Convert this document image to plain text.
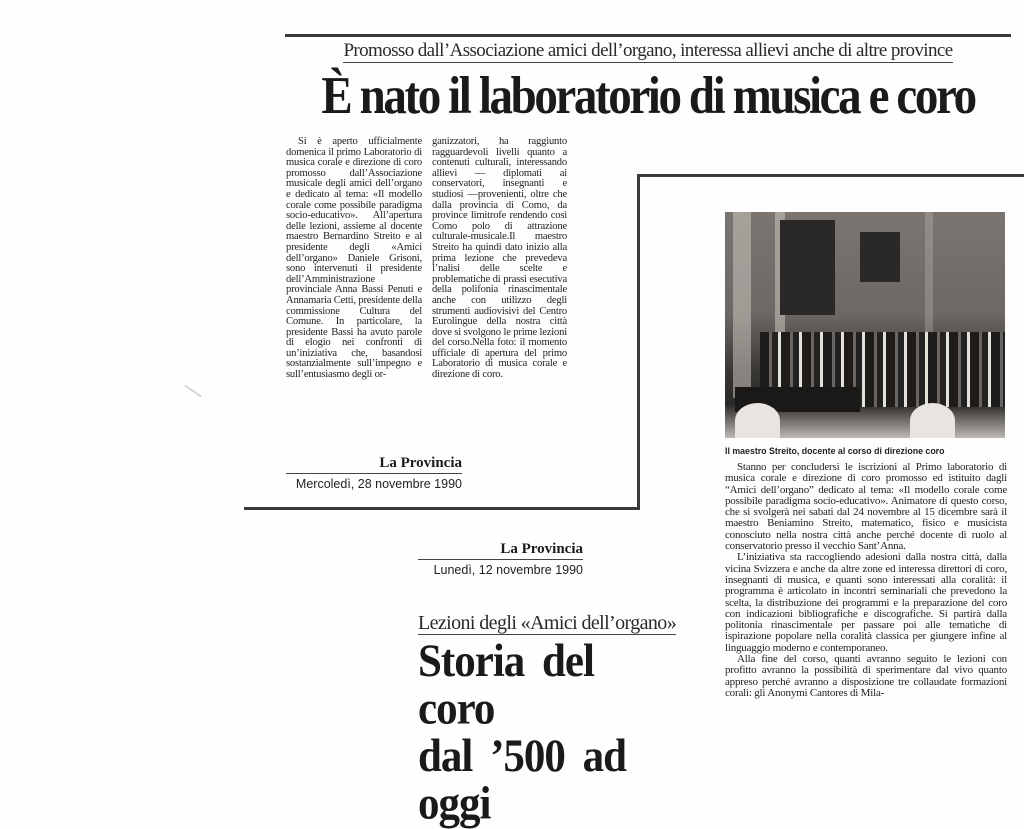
Promosso dall’Associazione amici dell’organo, interessa allievi anche di altre province
È nato il laboratorio di musica e coro

Si è aperto ufficialmente domenica il primo Laboratorio di musica corale e direzione di coro promosso dall’Associazione musicale degli amici dell’organo e dedicato al tema: «Il modello corale come possibile paradigma socio-educativo». All’apertura delle lezioni, assieme al docente maestro Bernardino Streito e al presidente degli «Amici dell’organo» Daniele Grisoni, sono intervenuti il presidente dell’Amministrazione provinciale Anna Bassi Penuti e Annamaria Cetti, presidente della commissione Cultura del Comune. In particolare, la presidente Bassi ha avuto parole di elogio nei confronti di un’iniziativa che, basandosi sostanzialmente sull’impegno e sull’entusiasmo degli or-

ganizzatori, ha raggiunto ragguardevoli livelli quanto a contenuti culturali, interessando allievi — diplomati ai conservatori, insegnanti e studiosi —provenienti, oltre che dalla provincia di Como, da province limitrofe rendendo così Como polo di attrazione culturale-musicale.Il maestro Streito ha quindi dato inizio alla prima lezione che prevedeva l’nalisi delle scelte e problematiche di prassi esecutiva della polifonia rinascimentale anche con utilizzo degli strumenti audiovisivi del Centro Eurolingue della nostra città dove si svolgono le prime lezioni del corso.Nella foto: il momento ufficiale di apertura del primo Laboratorio di musica corale e direzione di coro.

La Provincia
Mercoledì, 28 novembre 1990
Il maestro Streito, docente al corso di direzione coro

Stanno per concludersi le iscrizioni al Primo laboratorio di musica corale e direzione di coro promosso ed istituito dagli “Amici dell’organo” dedicato al tema: «Il modello corale come possibile paradigma socio-educativo». Animatore di questo corso, che si svolgerà nei sabati dal 24 novembre al 15 dicembre sarà il maestro Beniamino Streito, matematico, fisico e musicista conosciuto nella nostra città anche perché docente di ruolo al conservatorio presso il vecchio Sant’Anna.

L’iniziativa sta raccogliendo adesioni dalla nostra città, dalla vicina Svizzera e anche da altre zone ed interessa direttori di coro, insegnanti di musica, e quanti sono interessati alla coralità: il programma è articolato in incontri seminariali che prevedono la scelta, la distribuzione dei programmi e la preparazione del coro con indicazioni bibliografiche e discografiche. Si partirà dalla politonia rinascimentale per passare poi alle tematiche di ispirazione popolare nella coralità classica per giungere infine al linguaggio moderno e contemporaneo.

Alla fine del corso, quanti avranno seguito le lezioni con profitto avranno la possibilità di sperimentare dal vivo quanto appreso perché avranno a disposizione tre collaudate formazioni corali: gli Anonymi Cantores di Mila-

La Provincia
Lunedì, 12 novembre 1990
Lezioni degli «Amici dell’organo»
Storia del coro
dal ’500 ad oggi
